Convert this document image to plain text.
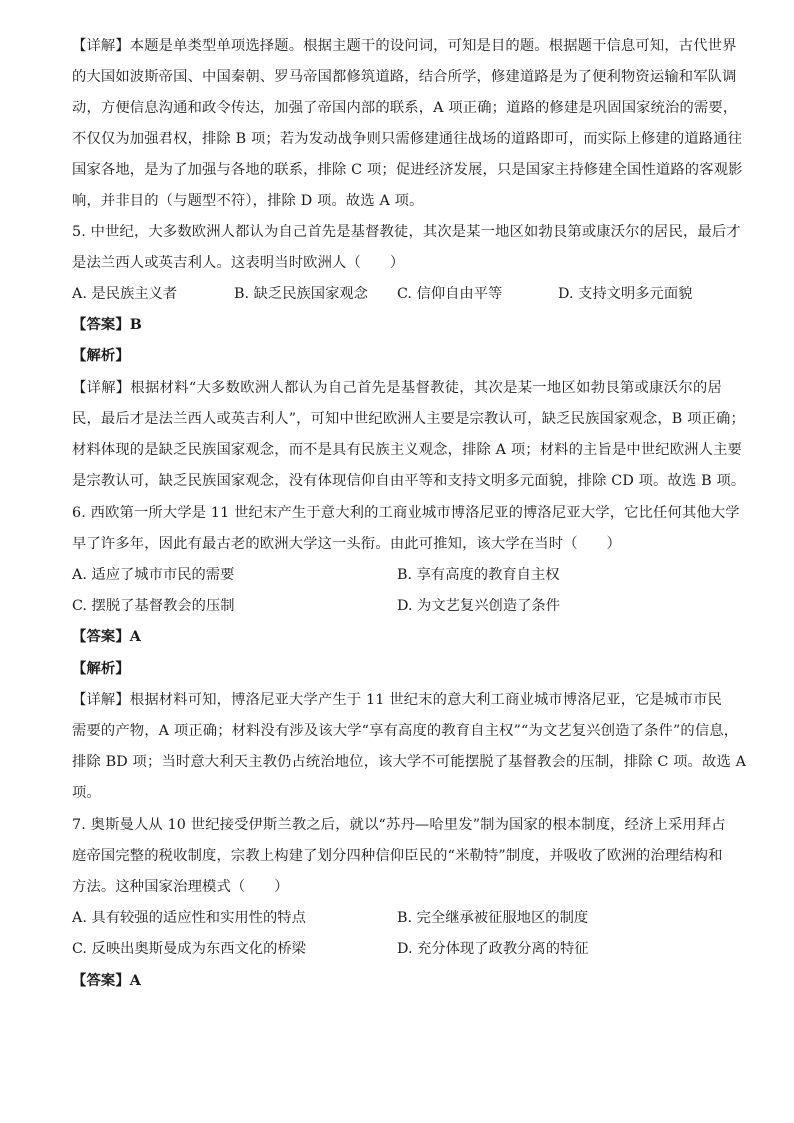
【详解】本题是单类型单项选择题。根据主题干的设问词，可知是目的题。根据题干信息可知，古代世界
的大国如波斯帝国、中国秦朝、罗马帝国都修筑道路，结合所学，修建道路是为了便利物资运输和军队调
动，方便信息沟通和政令传达，加强了帝国内部的联系，A 项正确；道路的修建是巩固国家统治的需要，
不仅仅为加强君权，排除 B 项；若为发动战争则只需修建通往战场的道路即可，而实际上修建的道路通往
国家各地，是为了加强与各地的联系，排除 C 项；促进经济发展，只是国家主持修建全国性道路的客观影
响，并非目的（与题型不符），排除 D 项。故选 A 项。
5. 中世纪，大多数欧洲人都认为自己首先是基督教徒，其次是某一地区如勃艮第或康沃尔的居民，最后才
是法兰西人或英吉利人。这表明当时欧洲人（　　）
A. 是民族主义者	B. 缺乏民族国家观念 C. 信仰自由平等	D. 支持文明多元面貌
【答案】B
【解析】
【详解】根据材料“大多数欧洲人都认为自己首先是基督教徒，其次是某一地区如勃艮第或康沃尔的居
民，最后才是法兰西人或英吉利人”，可知中世纪欧洲人主要是宗教认可，缺乏民族国家观念，B 项正确；
材料体现的是缺乏民族国家观念，而不是具有民族主义观念，排除 A 项；材料的主旨是中世纪欧洲人主要
是宗教认可，缺乏民族国家观念，没有体现信仰自由平等和支持文明多元面貌，排除 CD 项。故选 B 项。
6. 西欧第一所大学是 11 世纪末产生于意大利的工商业城市博洛尼亚的博洛尼亚大学，它比任何其他大学
早了许多年，因此有最古老的欧洲大学这一头衔。由此可推知，该大学在当时（　　）
A. 适应了城市市民的需要	B. 享有高度的教育自主权
C. 摆脱了基督教会的压制	D. 为文艺复兴创造了条件
【答案】A
【解析】
【详解】根据材料可知，博洛尼亚大学产生于 11 世纪末的意大利工商业城市博洛尼亚，它是城市市民
需要的产物，A 项正确；材料没有涉及该大学“享有高度的教育自主权”“为文艺复兴创造了条件”的信息，
排除 BD 项；当时意大利天主教仍占统治地位，该大学不可能摆脱了基督教会的压制，排除 C 项。故选 A
项。
7. 奥斯曼人从 10 世纪接受伊斯兰教之后，就以“苏丹—哈里发”制为国家的根本制度，经济上采用拜占
庭帝国完整的税收制度，宗教上构建了划分四种信仰臣民的“米勒特”制度，并吸收了欧洲的治理结构和
方法。这种国家治理模式（　　）
A. 具有较强的适应性和实用性的特点	B. 完全继承被征服地区的制度
C. 反映出奥斯曼成为东西文化的桥梁	D. 充分体现了政教分离的特征
【答案】A
